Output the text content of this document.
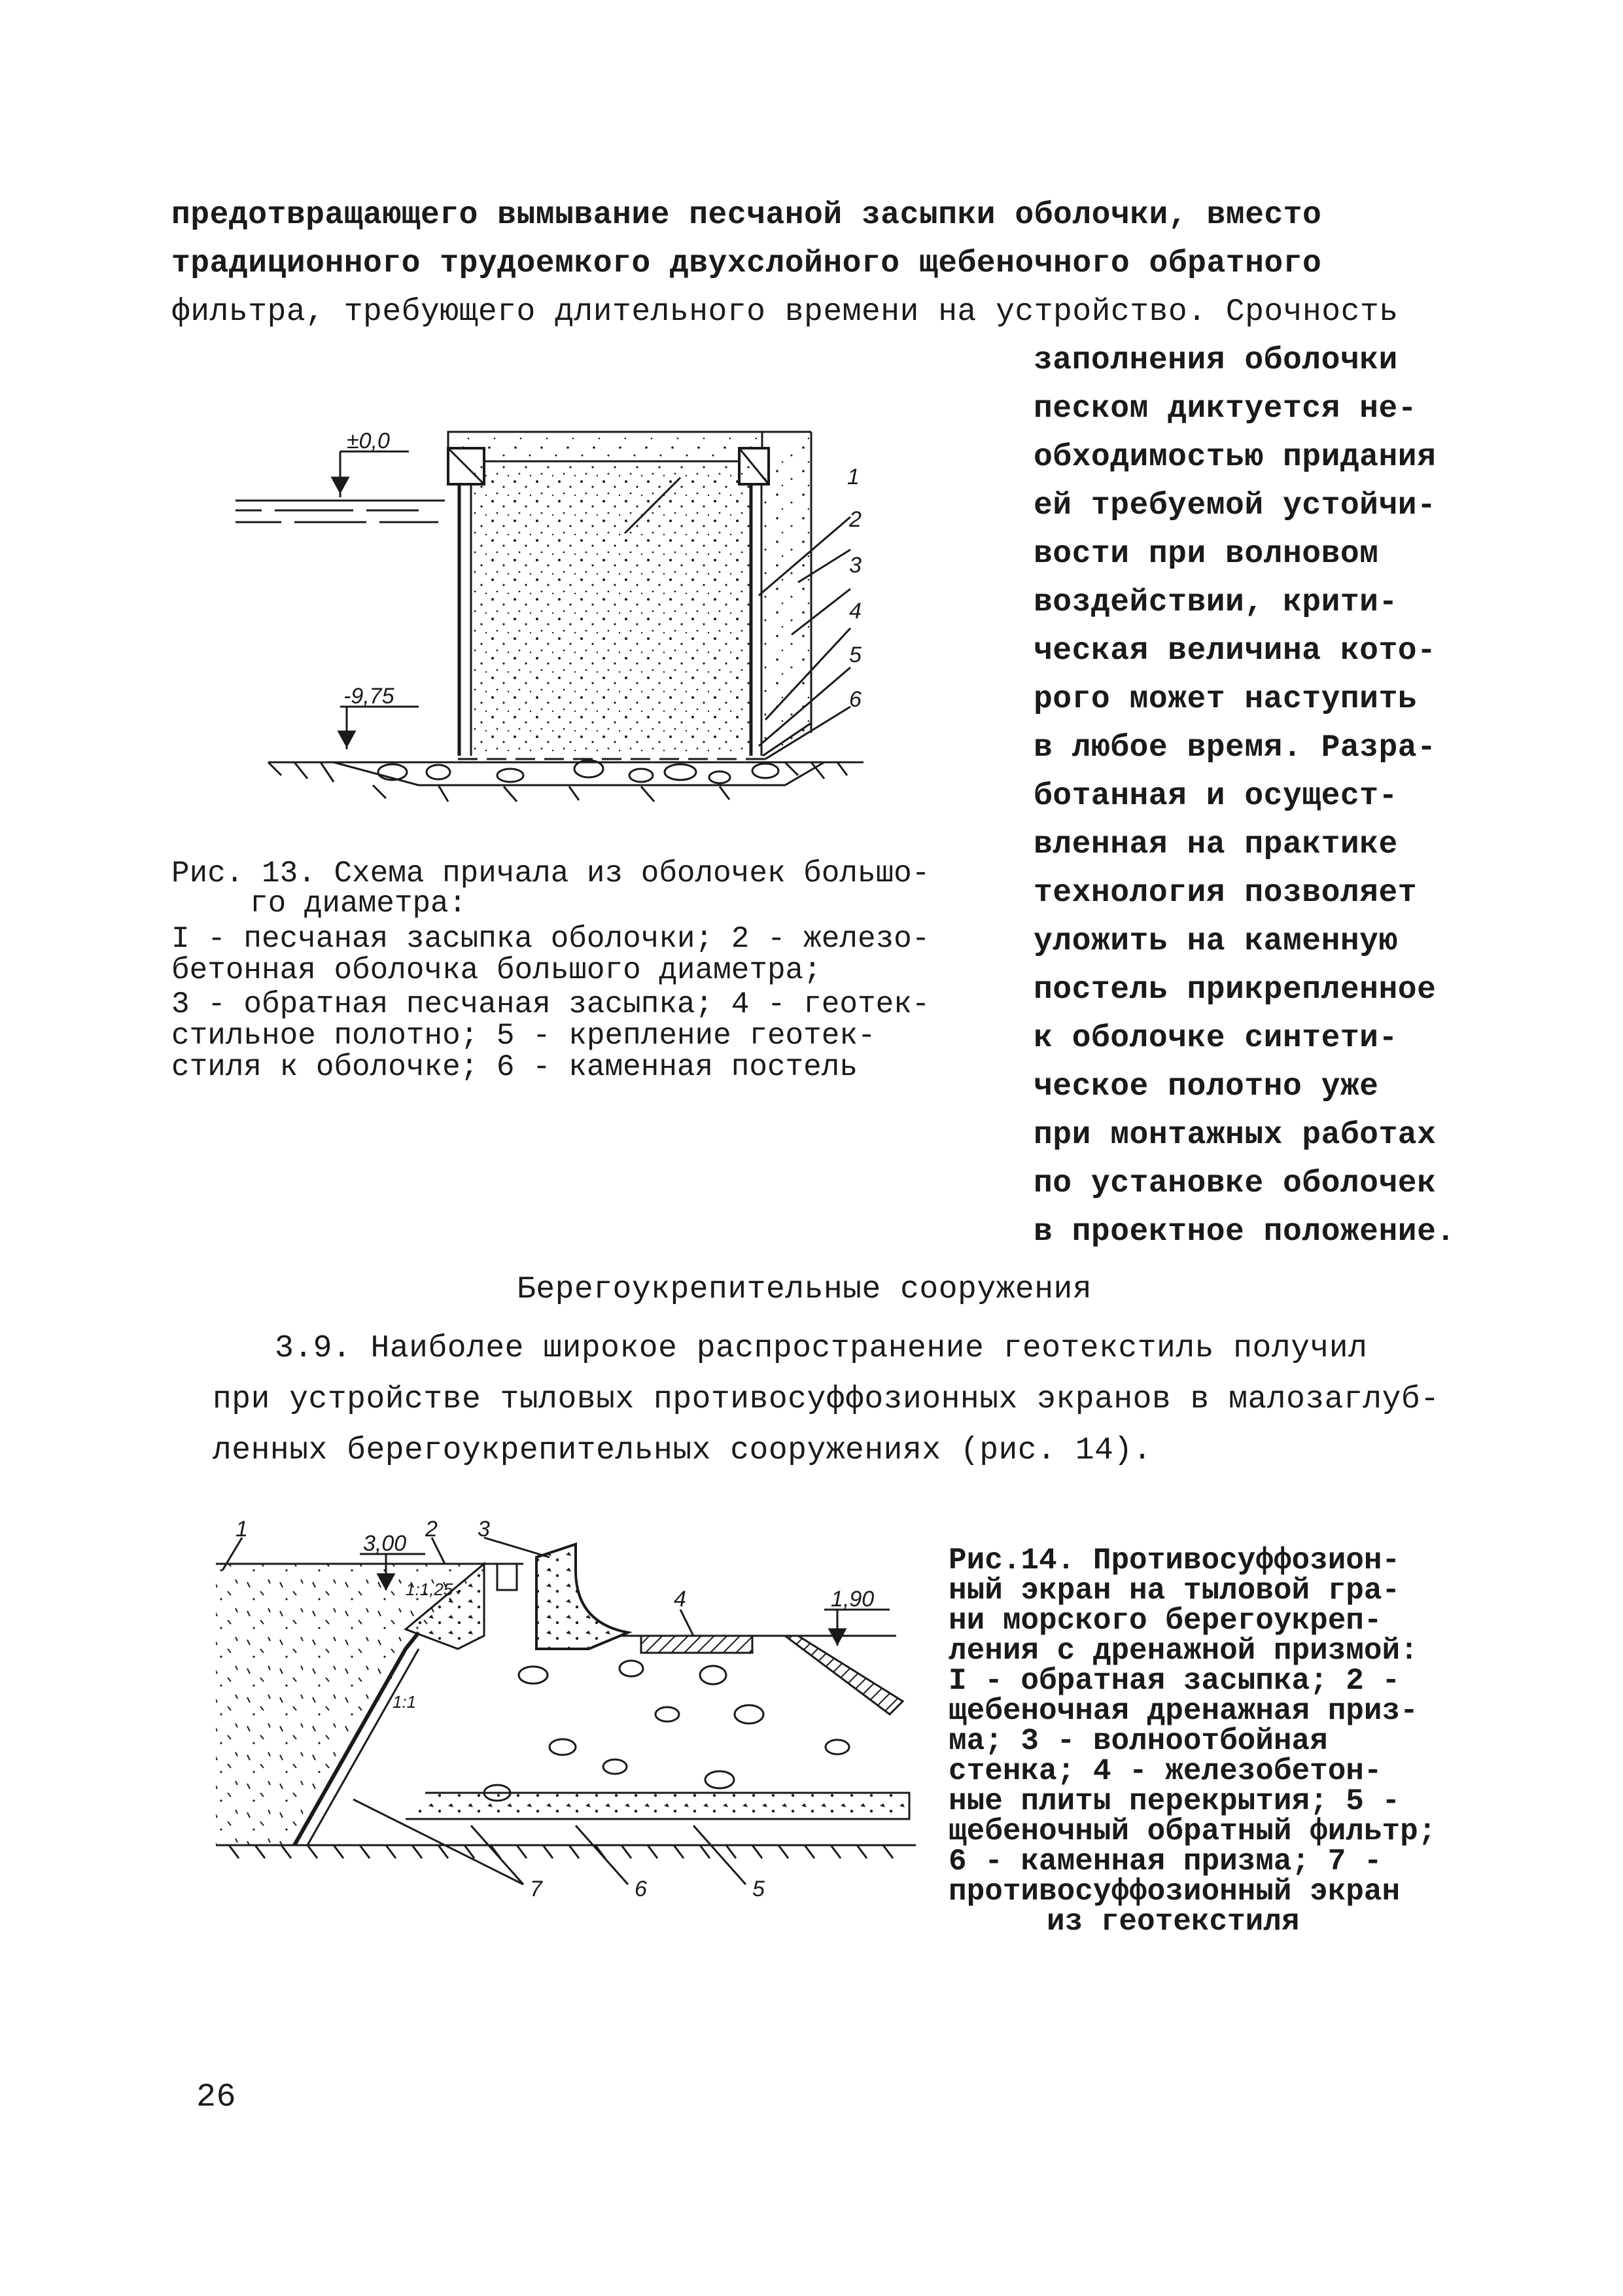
предотвращающего вымывание песчаной засыпки оболочки, вместо
традиционного трудоемкого двухслойного щебеночного обратного
фильтра, требующего длительного времени на устройство. Срочность
заполнения оболочки
песком диктуется не-
обходимостью придания
ей требуемой устойчи-
вости при волновом
воздействии, крити-
ческая величина кото-
рого может наступить
в любое время. Разра-
ботанная и осущест-
вленная на практике
технология позволяет
уложить на каменную
постель прикрепленное
к оболочке синтети-
ческое полотно уже
при монтажных работах
по установке оболочек
в проектное положение.
±0,0
-9,75
1
2
3
4
5
6
Рис. 13. Схема причала из оболочек большо-
го диаметра:
I - песчаная засыпка оболочки; 2 - железо-
бетонная оболочка большого диаметра;
3 - обратная песчаная засыпка; 4 - геотек-
стильное полотно; 5 - крепление геотек-
стиля к оболочке; 6 - каменная постель
Берегоукрепительные сооружения
3.9. Наиболее широкое распространение геотекстиль получил
при устройстве тыловых противосуффозионных экранов в малозаглуб-
ленных берегоукрепительных сооружениях (рис. 14).
1	2 3
4
5
6
7
3,00
1,90
1:1,25
1:1
Рис.14. Противосуффозион-
ный экран на тыловой гра-
ни морского берегоукреп-
ления с дренажной призмой:
I - обратная засыпка; 2 -
щебеночная дренажная приз-
ма; 3 - волноотбойная
стенка; 4 - железобетон-
ные плиты перекрытия; 5 -
щебеночный обратный фильтр;
6 - каменная призма; 7 -
противосуффозионный экран
из геотекстиля
26
